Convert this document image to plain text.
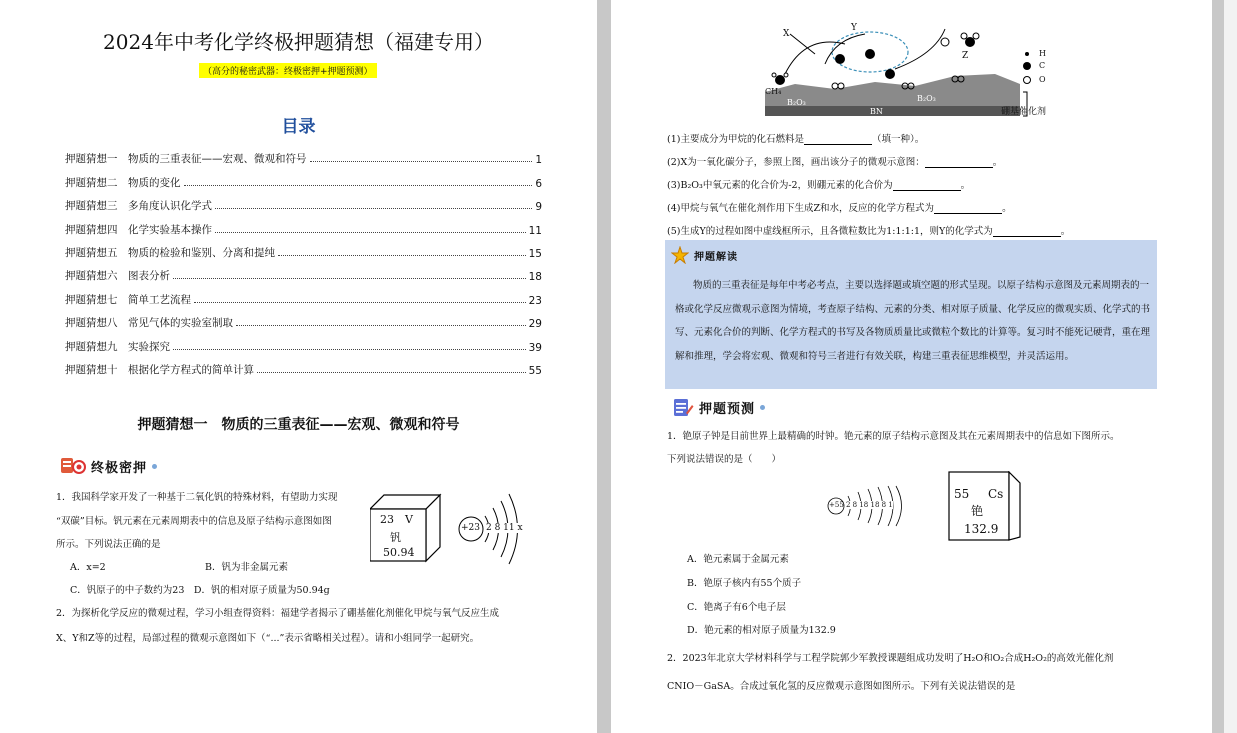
2024年中考化学终极押题猜想（福建专用）
（高分的秘密武器：终极密押+押题预测）
目录
押题猜想一　物质的三重表征——宏观、微观和符号	1
押题猜想二　物质的变化	6
押题猜想三　多角度认识化学式	9
押题猜想四　化学实验基本操作	11
押题猜想五　物质的检验和鉴别、分离和提纯	15
押题猜想六　图表分析	18
押题猜想七　简单工艺流程	23
押题猜想八　常见气体的实验室制取	29
押题猜想九　实验探究	39
押题猜想十　根据化学方程式的简单计算	55
押题猜想一　物质的三重表征——宏观、微观和符号
终极密押
1．我国科学家开发了一种基于二氧化钒的特殊材料，有望助力实现
“双碳”目标。钒元素在元素周期表中的信息及原子结构示意图如图
所示。下列说法正确的是
A．x=2	B．钒为非金属元素
C．钒原子的中子数约为23　D．钒的相对原子质量为50.94g
23 V
钒
50.94
+23 2 8 11 x
2．为探析化学反应的微观过程，学习小组查得资料：福建学者揭示了硼基催化剂催化甲烷与氧气反应生成
X、Y和Z等的过程，局部过程的微观示意图如下（“...”表示省略相关过程）。请和小组同学一起研究。
X
Y
Z
CH₄
B₂O₃	B₂O₃
BN	硼基催化剂
H
C
O
(1)主要成分为甲烷的化石燃料是	（填一种）。
(2)X为一氧化碳分子，参照上图，画出该分子的微观示意图：	。
(3)B₂O₃中氧元素的化合价为-2，则硼元素的化合价为	。
(4)甲烷与氧气在催化剂作用下生成Z和水，反应的化学方程式为	。
(5)生成Y的过程如图中虚线框所示，且各微粒数比为1:1:1:1，则Y的化学式为	。
押题解读
物质的三重表征是每年中考必考点，主要以选择题或填空题的形式呈现。以原子结构示意图及元素周期表的一格或化学反应微观示意图为情境，考查原子结构、元素的分类、相对原子质量、化学反应的微观实质、化学式的书写、元素化合价的判断、化学方程式的书写及各物质质量比或微粒个数比的计算等。复习时不能死记硬背，重在理解和推理，学会将宏观、微观和符号三者进行有效关联，构建三重表征思维模型，并灵活运用。
押题预测
1．铯原子钟是目前世界上最精确的时钟。铯元素的原子结构示意图及其在元素周期表中的信息如下图所示。
下列说法错误的是（　　）
+55 2 8 18 18 8 1
55 Cs
铯
132.9
A．铯元素属于金属元素
B．铯原子核内有55个质子
C．铯离子有6个电子层
D．铯元素的相对原子质量为132.9
2．2023年北京大学材料科学与工程学院郭少军教授课题组成功发明了H₂O和O₂合成H₂O₂的高效光催化剂
CNIO－GaSA。合成过氧化氢的反应微观示意图如图所示。下列有关说法错误的是
